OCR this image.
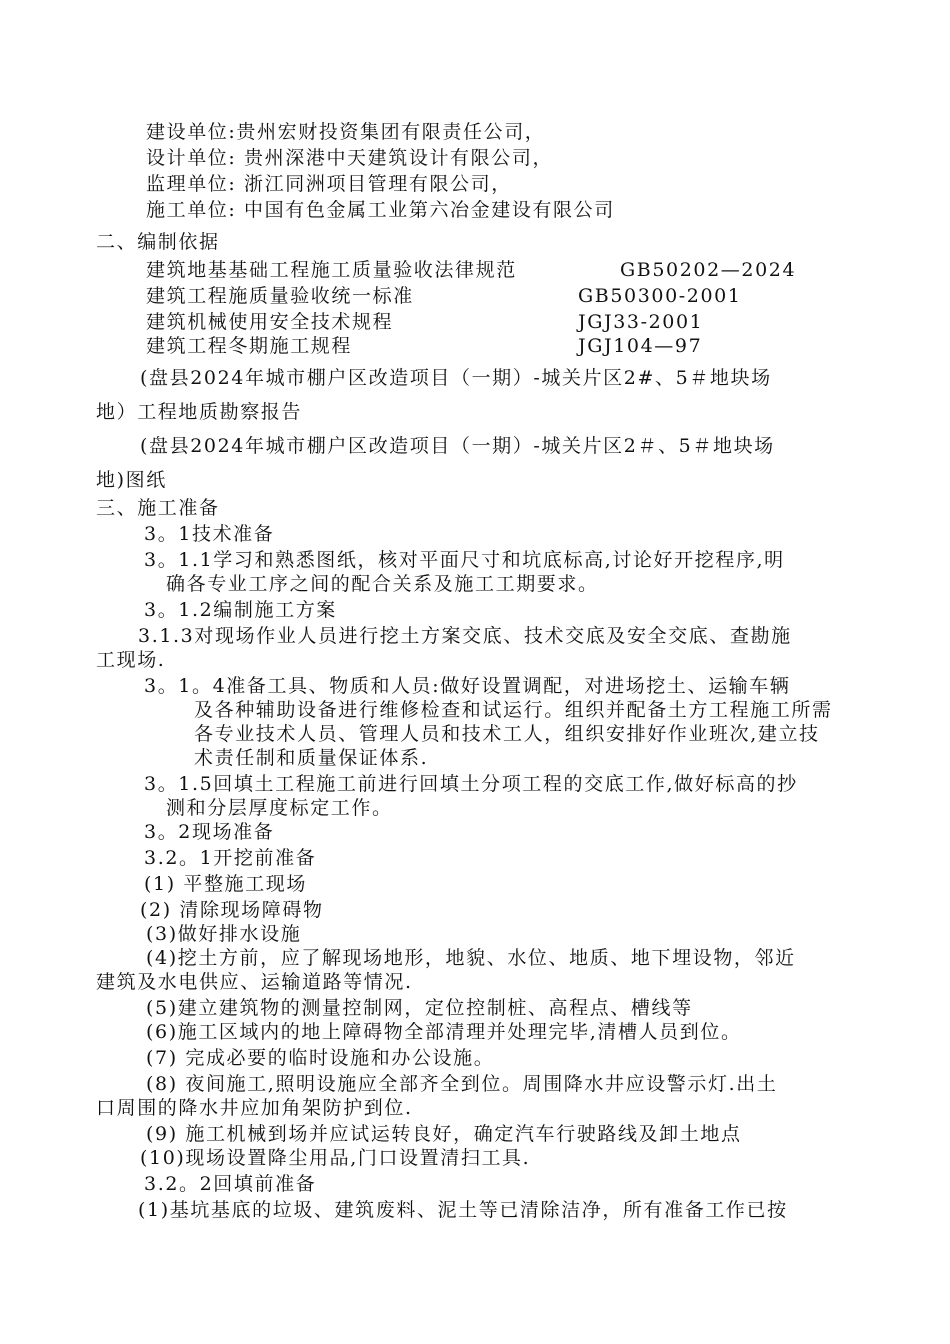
建设单位:贵州宏财投资集团有限责任公司，
设计单位: 贵州深港中天建筑设计有限公司，
监理单位: 浙江同洲项目管理有限公司，
施工单位: 中国有色金属工业第六冶金建设有限公司
二、编制依据
建筑地基基础工程施工质量验收法律规范	GB50202—2024
建筑工程施质量验收统一标准	GB50300-2001
建筑机械使用安全技术规程	JGJ33-2001
建筑工程冬期施工规程	JGJ104—97
(盘县2024年城市棚户区改造项目（一期）-城关片区2#、5＃地块场
地）工程地质勘察报告
(盘县2024年城市棚户区改造项目（一期）-城关片区2＃、5＃地块场
地)图纸
三、施工准备
3。1技术准备
3。1.1学习和熟悉图纸，核对平面尺寸和坑底标高,讨论好开挖程序,明
确各专业工序之间的配合关系及施工工期要求。
3。1.2编制施工方案
3.1.3对现场作业人员进行挖土方案交底、技术交底及安全交底、查勘施
工现场.
3。1。4准备工具、物质和人员:做好设置调配，对进场挖土、运输车辆
及各种辅助设备进行维修检查和试运行。组织并配备土方工程施工所需
各专业技术人员、管理人员和技术工人，组织安排好作业班次,建立技
术责任制和质量保证体系.
3。1.5回填土工程施工前进行回填土分项工程的交底工作,做好标高的抄
测和分层厚度标定工作。
3。2现场准备
3.2。1开挖前准备
(1) 平整施工现场
(2) 清除现场障碍物
(3)做好排水设施
(4)挖土方前，应了解现场地形，地貌、水位、地质、地下埋设物，邻近
建筑及水电供应、运输道路等情况.
(5)建立建筑物的测量控制网，定位控制桩、高程点、槽线等
(6)施工区域内的地上障碍物全部清理并处理完毕,清槽人员到位。
(7) 完成必要的临时设施和办公设施。
(8) 夜间施工,照明设施应全部齐全到位。周围降水井应设警示灯.出土
口周围的降水井应加角架防护到位.
(9) 施工机械到场并应试运转良好，确定汽车行驶路线及卸土地点
(10)现场设置降尘用品,门口设置清扫工具.
3.2。2回填前准备
(1)基坑基底的垃圾、建筑废料、泥土等已清除洁净，所有准备工作已按
